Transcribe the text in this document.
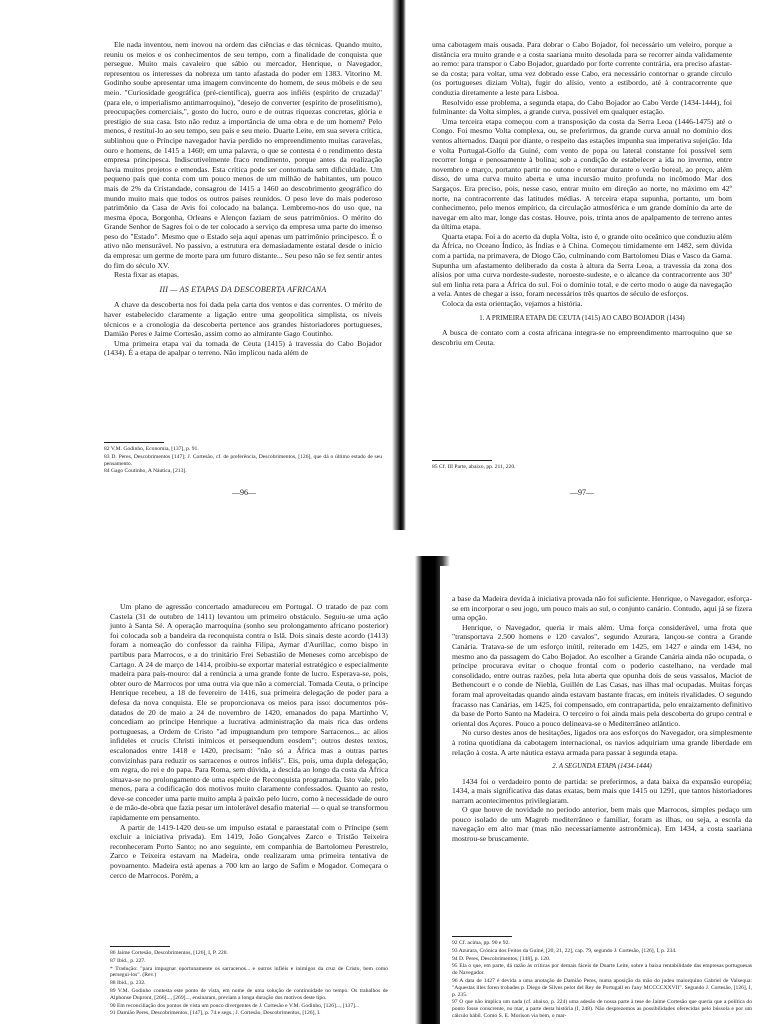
Ele nada inventou, nem inovou na ordem das ciências e das técnicas. Quando muito, reuniu os meios e os conhecimentos de seu tempo, com a finalidade de conquista que persegue. Muito mais cavaleiro que sábio ou mercador, Henrique, o Navegador, representou os interesses da nobreza um tanto afastada do poder em 1383. Vitorino M. Godinho soube apresentar uma imagem convincente do homem, de seus móbeis e de seu meio. "Curiosidade geográfica (pré-científica), guerra aos infiéis (espírito de cruzada)" (para ele, o imperialismo antimarroquino), "desejo de converter (espírito de proselitismo), preocupações comerciais,", gosto do lucro, ouro e de outras riquezas concretas, glória e prestígio de sua casa. Isto não reduz a importância de uma obra e de um homem? Pelo menos, é restituí-lo ao seu tempo, seu país e seu meio. Duarte Leite, em sua severa crítica, sublinhou que o Príncipe navegador havia perdido no empreendimento muitas caravelas, ouro e homens, de 1415 a 1460; em uma palavra, o que se contesta é o rendimento desta empresa principesca. Indiscutivelmente fraco rendimento, porque antes da realização havia muitos projetos e emendas. Esta crítica pode ser contornada sem dificuldade. Um pequeno país que conta com um pouco menos de um milhão de habitantes, um pouco mais de 2% da Cristandade, consagrou de 1415 a 1460 ao descobrimento geográfico do mundo muito mais que todos os outros países reunidos. O peso leve do mais poderoso patrimônio da Casa de Avis foi colocado na balança. Lembremo-nos do uso que, na mesma época, Borgonha, Orleans e Alençon faziam de seus patrimônios. O mérito do Grande Senhor de Sagres foi o de ter colocado a serviço da empresa uma parte do imenso peso do "Estado". Mesmo que o Estado seja aqui apenas um patrimônio principesco. É o ativo não mensurável. No passivo, a estrutura era demasiadamente estatal desde o início da empresa: um germe de morte para um futuro distante... Seu peso não se fez sentir antes do fim do século XV.

Resta fixar as etapas.

III — AS ETAPAS DA DESCOBERTA AFRICANA

A chave da descoberta nos foi dada pela carta dos ventos e das correntes. O mérito de haver estabelecido claramente a ligação entre uma geopolítica simplista, os níveis técnicos e a cronologia da descoberta pertence aos grandes historiadores portugueses, Damião Peres e Jaime Cortesão, assim como ao almirante Gago Coutinho.

Uma primeira etapa vai da tomada de Ceuta (1415) à travessia do Cabo Bojador (1434). É a etapa de apalpar o terreno. Não implicou nada além de

82 V.M. Godinho, Economia, [137], p. 91.
83 D. Peres, Descobrimentos [147]; J. Cortesão, cf. de preferência, Descobrimentos, [126], que dá o último estado de seu pensamento.
84 Gago Coutinho, A Náutica, [213].
—96—

uma cabotagem mais ousada. Para dobrar o Cabo Bojador, foi necessário um veleiro, porque a distância era muito grande e a costa saariana muito desolada para se recorrer ainda validamente ao remo: para transpor o Cabo Bojador, guardado por forte corrente contrária, era preciso afastar-se da costa; para voltar, uma vez dobrado esse Cabo, era necessário contornar o grande círculo (os portugueses diziam Volta), fugir do alísio, vento a estibordo, até à contracorrente que conduzia diretamente a leste para Lisboa.

Resolvido esse problema, a segunda etapa, do Cabo Bojador ao Cabo Verde (1434-1444), foi fulminante: da Volta simples, a grande curva, possível em qualquer estação.

Uma terceira etapa começou com a transposição da costa da Serra Leoa (1446-1475) até o Congo. Foi mesmo Volta complexa, ou, se preferirmos, da grande curva anual no domínio dos ventos alternados. Daqui por diante, o respeito das estações impunha sua imperativa sujeição. Ida e volta Portugal-Golfo da Guiné, com vento de popa ou lateral constante foi possível sem recorrer longa e penosamente à bolina; sob a condição de estabelecer a ida no inverno, entre novembro e março, portanto partir no outono e retornar durante o verão boreal, ao preço, além disso, de uma curva muito aberta e uma incursão muito profunda no incômodo Mar dos Sargaços. Era preciso, pois, nesse caso, entrar muito em direção ao norte, no máximo em 42º norte, na contracorrente das latitudes médias. A terceira etapa supunha, portanto, um bom conhecimento, pelo menos empírico, da circulação atmosférica e um grande domínio da arte de navegar em alto mar, longe das costas. Houve, pois, trinta anos de apalpamento de terreno antes da última etapa.

Quarta etapa. Foi a do acerto da dupla Volta, isto é, o grande oito oceânico que conduziu além da África, no Oceano Índico, às Índias e à China. Começou timidamente em 1482, sem dúvida com a partida, na primavera, de Diogo Cão, culminando com Bartolomeu Dias e Vasco da Gama. Supunha um afastamento deliberado da costa à altura da Serra Leoa, a travessia da zona dos alísios por uma curva nordeste-sudeste, noroeste-sudeste, e o alcance da contracorrente aos 30º sul em linha reta para a África do sul. Foi o domínio total, e de certo modo o auge da navegação a vela. Antes de chegar a isso, foram necessários três quartos de século de esforços.

Coloca da esta orientação, vejamos a história.

1. A PRIMEIRA ETAPA DE CEUTA (1415) AO CABO BOJADOR (1434)

A busca de contato com a costa africana integra-se no empreendimento marroquino que se descobriu em Ceuta.

85 Cf. III Parte, abaixo, pp. 211, 220.
—97—

Um plano de agressão concertado amadureceu em Portugal. O tratado de paz com Castela (31 de outubro de 1411) levantou um primeiro obstáculo. Seguiu-se uma ação junto à Santa Sé. A operação marroquina (sonho seu prolongamento africano posterior) foi colocada sob a bandeira da reconquista contra o Islã. Dois sinais deste acordo (1413) foram a nomeação do confessor da rainha Filipa, Aymar d'Aurillac, como bispo in partibus para Marrocos, e a do trinitário Frei Sebastião de Meneses como arcebispo de Cartago. A 24 de março de 1414, proibiu-se exportar material estratégico e especialmente madeira para país-mouro: dal a renúncia a uma grande fonte de lucro. Esperava-se, pois, obter ouro de Marrocos por uma outra via que não a comercial. Tomada Ceuta, o príncipe Henrique recebeu, a 18 de fevereiro de 1416, sua primeira delegação de poder para a defesa da nova conquista. Ele se proporcionava os meios para isso: documentos pós-datados de 20 de maio a 24 de novembro de 1420, emanados do papa Martinho V, concediam ao príncipe Henrique a lucrativa administração da mais rica das ordens portuguesas, a Ordem de Cristo "ad impugnandum pro tempore Sarracenos... ac alios infideles et crucis Christi inimicos et persequendum eosdem"; outros destes textos, escalonados entre 1418 e 1420, precisam: "não só a África mas a outras partes convizinhas para reduzir os sarracenos e outros infiéis". Eis, pois, uma dupla delegação, em regra, do rei e do papa. Para Roma, sem dúvida, a descida ao longo da costa da África situava-se no prolongamento de uma espécie de Reconquista programada. Isto vale, pelo menos, para a codificação dos motivos muito claramente confessados. Quanto ao resto, deve-se conceder uma parte muito ampla à paixão pelo lucro, como à necessidade de ouro e de mão-de-obra que fazia pesar um intolerável desafio material — o qual se transformou rapidamente em pensamento.

A partir de 1419-1420 deu-se um impulso estatal e paraestatal com o Príncipe (sem excluir a iniciativa privada). Em 1419, João Gonçalves Zarco e Tristão Teixeira reconheceram Porto Santo; no ano seguinte, em companhia de Bartolomeu Perestrelo, Zarco e Teixeira estavam na Madeira, onde realizaram uma primeira tentativa de povoamento. Madeira está apenas a 700 km ao largo de Safim e Mogador. Começara o cerco de Marrocos. Porém, a

86 Jaime Cortesão, Descobrimentos, [126], I, P. 228.
87 Ibid., p. 227.
* Tradução: "para impugnar oportunamente os sarracenos... e outros infiéis e inimigos da cruz de Cristo, bem como persegui-los". (Rev.)
88 Ibid., p. 232.
89 V.M. Godinho contesta este ponto de vista, em nome de uma solução de continuidade no tempo. Os trabalhos de Alphonse Dupront, [266]..., [269]..., ensinaram, previam a longa duração dos motivos deste tipo.
90 Em reconciliação dos pontos de vista um pouco divergentes de J. Cortesão e V.M. Godinho, [126]..., [137]...
91 Damião Peres, Descobrimentos, [147], p. 74 e segs.; J. Cortesão, Descobrimentos, [126], I.

a base da Madeira devida à iniciativa provada não foi suficiente. Henrique, o Navegador, esforça-se em incorporar o seu jogo, um pouco mais ao sul, o conjunto canário. Contudo, aqui já se fizera uma opção.

Henrique, o Navegador, queria ir mais além. Uma força considerável, uma frota que "transportava 2.500 homens e 120 cavalos", segundo Azurara, lançou-se contra a Grande Canária. Tratava-se de um esforço inútil, reiterado em 1425, em 1427 e ainda em 1434, no mesmo ano da passagem do Cabo Bojador. Ao escolher a Grande Canária ainda não ocupada, o príncipe procurava evitar o choque frontal com o poderio castelhano, na verdade mal consolidado, entre outras razões, pela luta aberta que opunha dois de seus vassalos, Maciot de Bethencourt e o conde de Niebla, Guillén de Las Casas, nas ilhas mal ocupadas. Muitas forças foram mal aproveitadas quando ainda estavam bastante fracas, em inúteis rivalidades. O segundo fracasso nas Canárias, em 1425, foi compensado, em contrapartida, pelo enraizamento definitivo da base de Porto Santo na Madeira. O terceiro o foi ainda mais pela descoberta do grupo central e oriental dos Açores. Pouco a pouco delineava-se o Mediterrâneo atlântico.

No curso destes anos de hesitações, ligados ora aos esforços do Navegador, ora simplesmente à rotina quotidiana da cabotagem internacional, os navios adquiriam uma grande liberdade em relação à costa. A arte náutica estava armada para passar à segunda etapa.

2. A SEGUNDA ETAPA (1434-1444)

1434 foi o verdadeiro ponto de partida: se preferirmos, a data baixa da expansão européia; 1434, a mais significativa das datas exatas, bem mais que 1415 ou 1291, que tantos historiadores narram acontecimentos privilegiaram.

O que houve de novidade no período anterior, bem mais que Marrocos, simples pedaço um pouco isolado de um Magreb mediterrâneo e familiar, foram as ilhas, ou seja, a escola da navegação em alto mar (mas não necessariamente astronômica). Em 1434, a costa saariana mostrou-se bruscamente.

92 Cf. acima, pp. 90 e 92.
93 Azurara, Crónica dos Feitos da Guiné, [20, 21, 22], cap. 79, segundo J. Cortesão, [126], I, p. 234.
94 D. Peres, Descobrimentos, [148], p. 120.
95 Ela o que, em parte, dá razão às críticas por demais fáceis de Duarte Leite, sobre a baixa rentabilidade das empresas portuguesas do Navegador.
96 A data de 1427 é devida a uma anotação de Damião Peres, numa aposição da mão do judeu maiorquino Gabriel de Valsequa: "Aquestas illes foren trobades p. Diego de Silves pelot del Rey de Portugall en l'any MCCCCXXVII". Segundo J. Cortesão, [126], I, p. 235.
97 O que não implica um nada (cf. abaixo, p. 224) uma adesão de nossa parte à tese de Jaime Cortesão que queria que a política do ponto fosse conscrente, no mar, a parte desta história (I, 248). Não desprezemos as possibilidades oferecidas pelo bússola e por um cálculo hábil. Como S. E. Morison via bem, o mar-
